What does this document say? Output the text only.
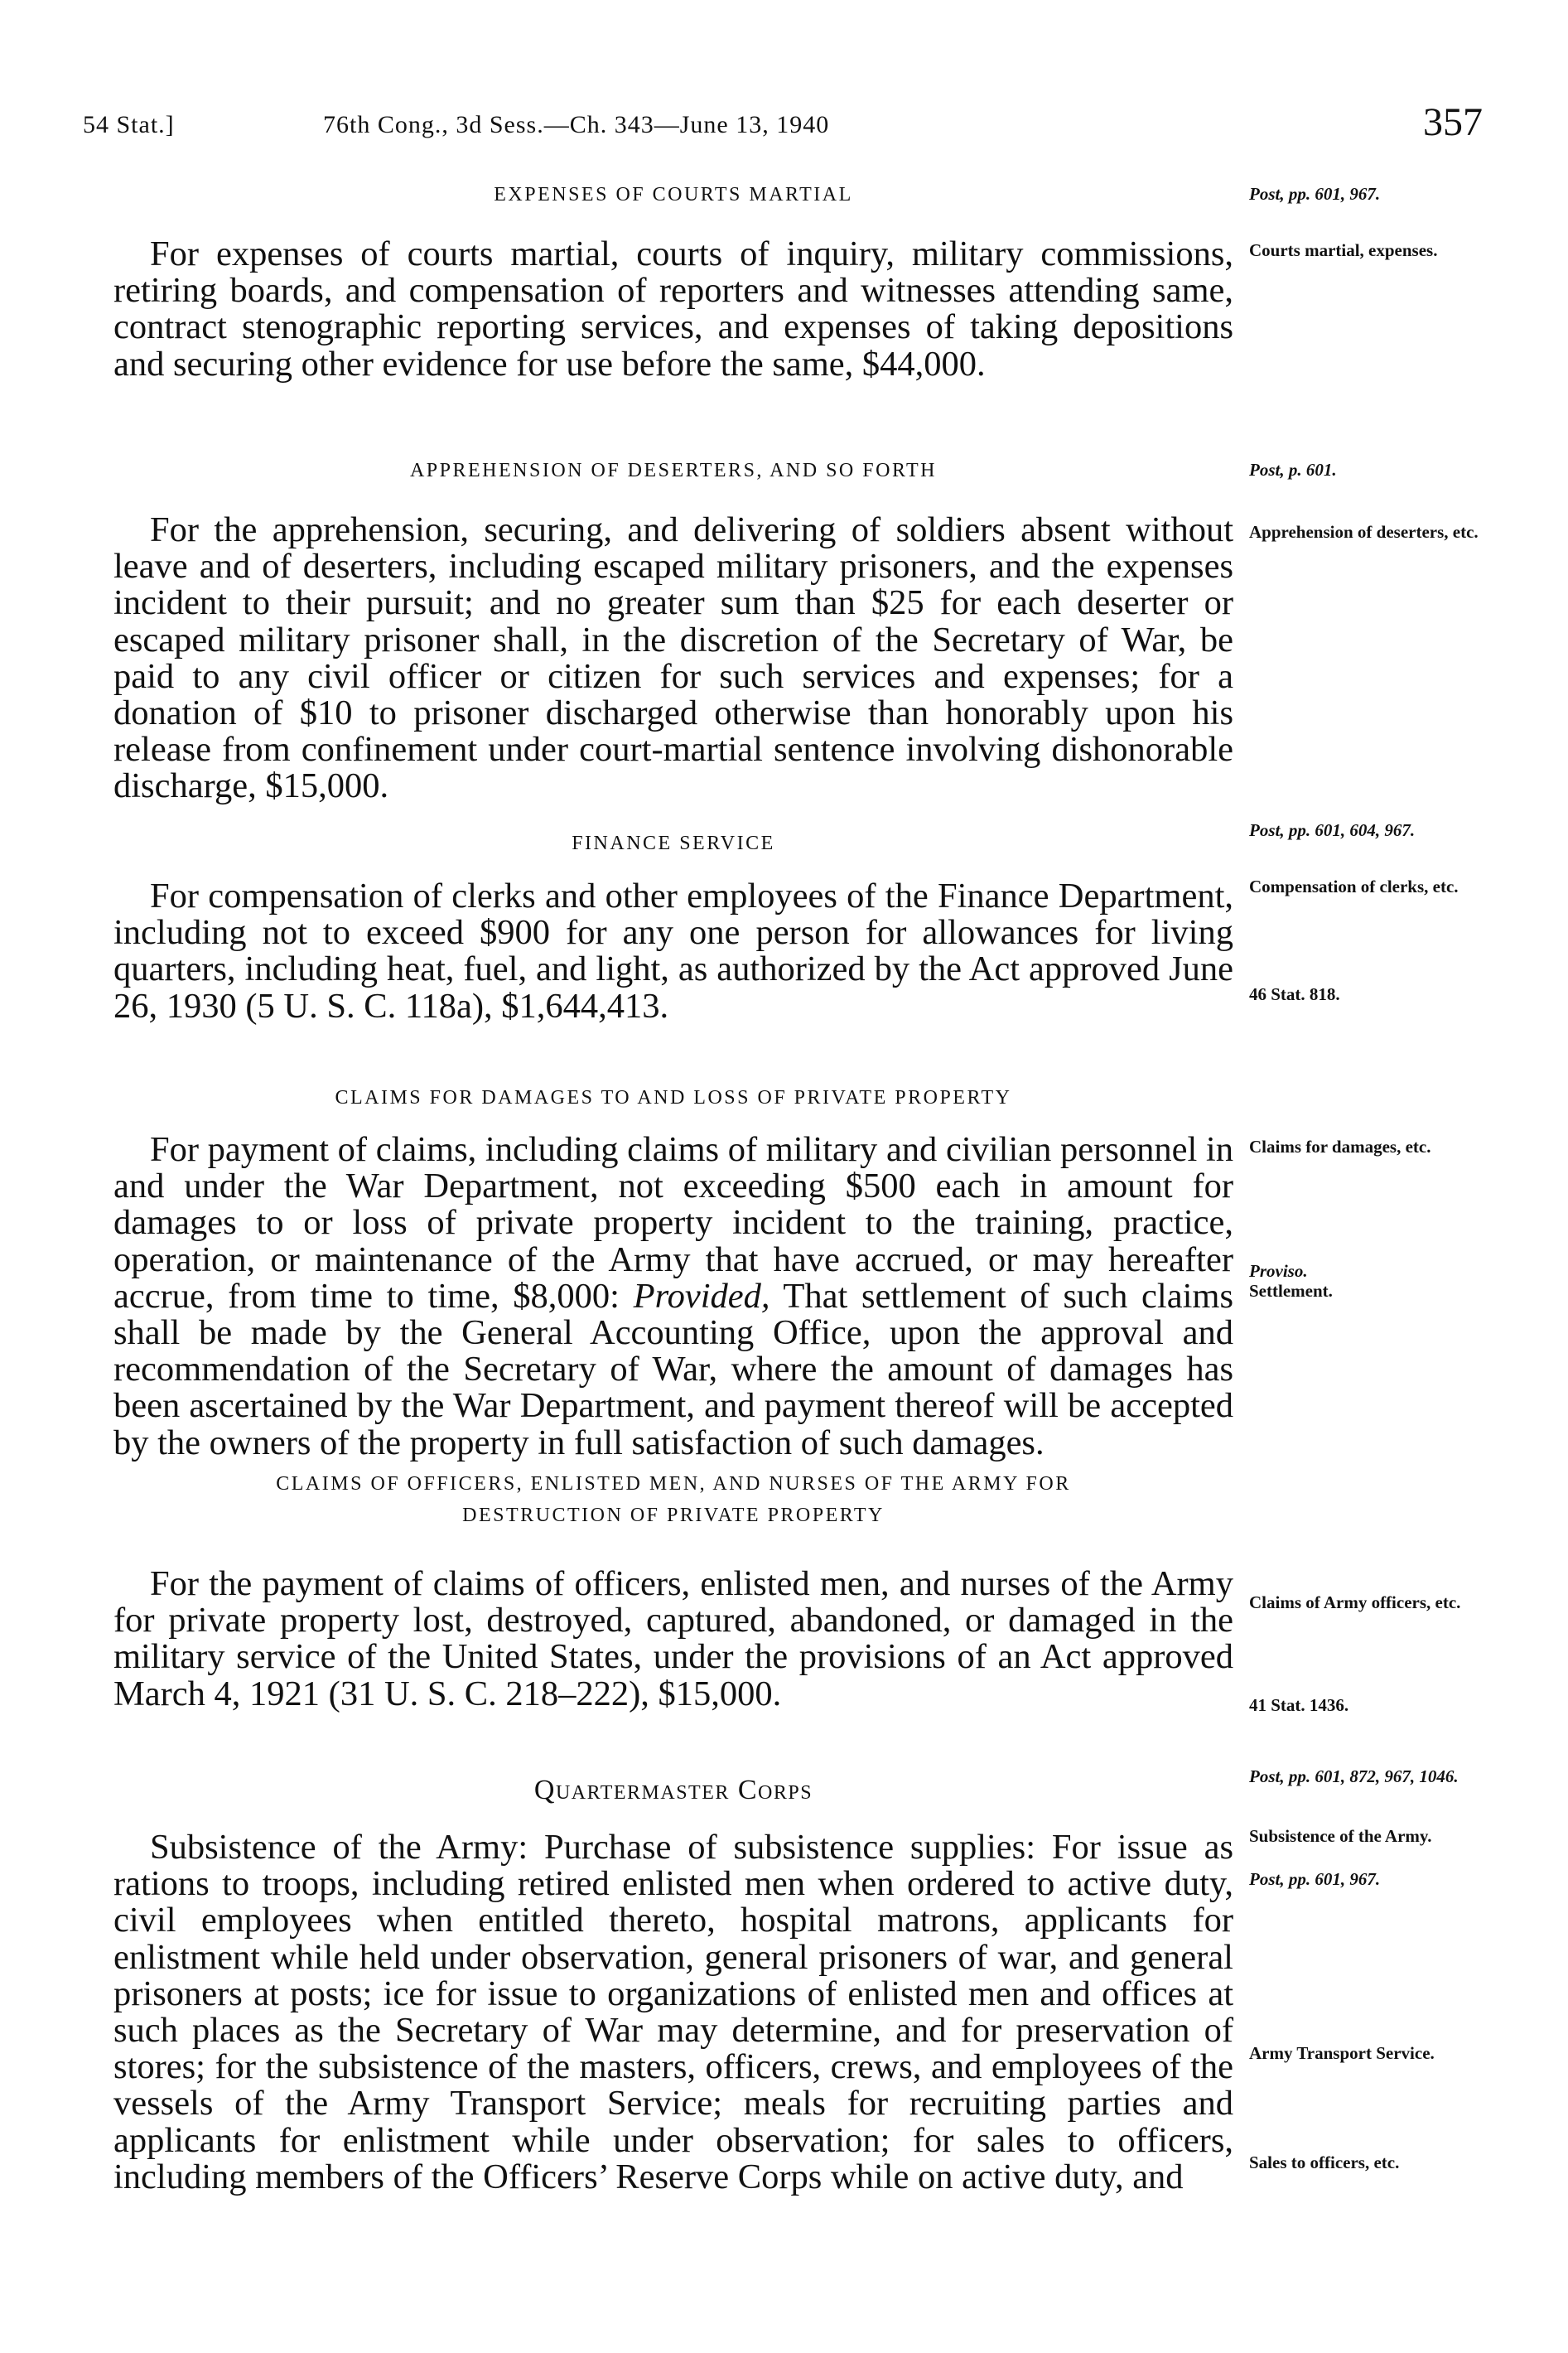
54 Stat.]	76th Cong., 3d Sess.—Ch. 343—June 13, 1940	357
EXPENSES OF COURTS MARTIAL
For expenses of courts martial, courts of inquiry, military commissions, retiring boards, and compensation of reporters and witnesses attending same, contract stenographic reporting services, and expenses of taking depositions and securing other evidence for use before the same, $44,000.
Post, pp. 601, 967.
Courts martial, expenses.
APPREHENSION OF DESERTERS, AND SO FORTH
For the apprehension, securing, and delivering of soldiers absent without leave and of deserters, including escaped military prisoners, and the expenses incident to their pursuit; and no greater sum than $25 for each deserter or escaped military prisoner shall, in the discretion of the Secretary of War, be paid to any civil officer or citizen for such services and expenses; for a donation of $10 to prisoner discharged otherwise than honorably upon his release from confinement under court-martial sentence involving dishonorable discharge, $15,000.
Post, p. 601.
Apprehension of deserters, etc.
FINANCE SERVICE
For compensation of clerks and other employees of the Finance Department, including not to exceed $900 for any one person for allowances for living quarters, including heat, fuel, and light, as authorized by the Act approved June 26, 1930 (5 U. S. C. 118a), $1,644,413.
Post, pp. 601, 604, 967.
Compensation of clerks, etc.
46 Stat. 818.
CLAIMS FOR DAMAGES TO AND LOSS OF PRIVATE PROPERTY
For payment of claims, including claims of military and civilian personnel in and under the War Department, not exceeding $500 each in amount for damages to or loss of private property incident to the training, practice, operation, or maintenance of the Army that have accrued, or may hereafter accrue, from time to time, $8,000: Provided, That settlement of such claims shall be made by the General Accounting Office, upon the approval and recommendation of the Secretary of War, where the amount of damages has been ascertained by the War Department, and payment thereof will be accepted by the owners of the property in full satisfaction of such damages.
Claims for damages, etc.
Proviso.
Settlement.
CLAIMS OF OFFICERS, ENLISTED MEN, AND NURSES OF THE ARMY FOR
DESTRUCTION OF PRIVATE PROPERTY
For the payment of claims of officers, enlisted men, and nurses of the Army for private property lost, destroyed, captured, abandoned, or damaged in the military service of the United States, under the provisions of an Act approved March 4, 1921 (31 U. S. C. 218–222), $15,000.
Claims of Army officers, etc.
41 Stat. 1436.
Quartermaster Corps
Subsistence of the Army: Purchase of subsistence supplies: For issue as rations to troops, including retired enlisted men when ordered to active duty, civil employees when entitled thereto, hospital matrons, applicants for enlistment while held under observation, general prisoners of war, and general prisoners at posts; ice for issue to organizations of enlisted men and offices at such places as the Secretary of War may determine, and for preservation of stores; for the subsistence of the masters, officers, crews, and employees of the vessels of the Army Transport Service; meals for recruiting parties and applicants for enlistment while under observation; for sales to officers, including members of the Officers’ Reserve Corps while on active duty, and
Post, pp. 601, 872, 967, 1046.
Subsistence of the Army.
Post, pp. 601, 967.
Army Transport Service.
Sales to officers, etc.
